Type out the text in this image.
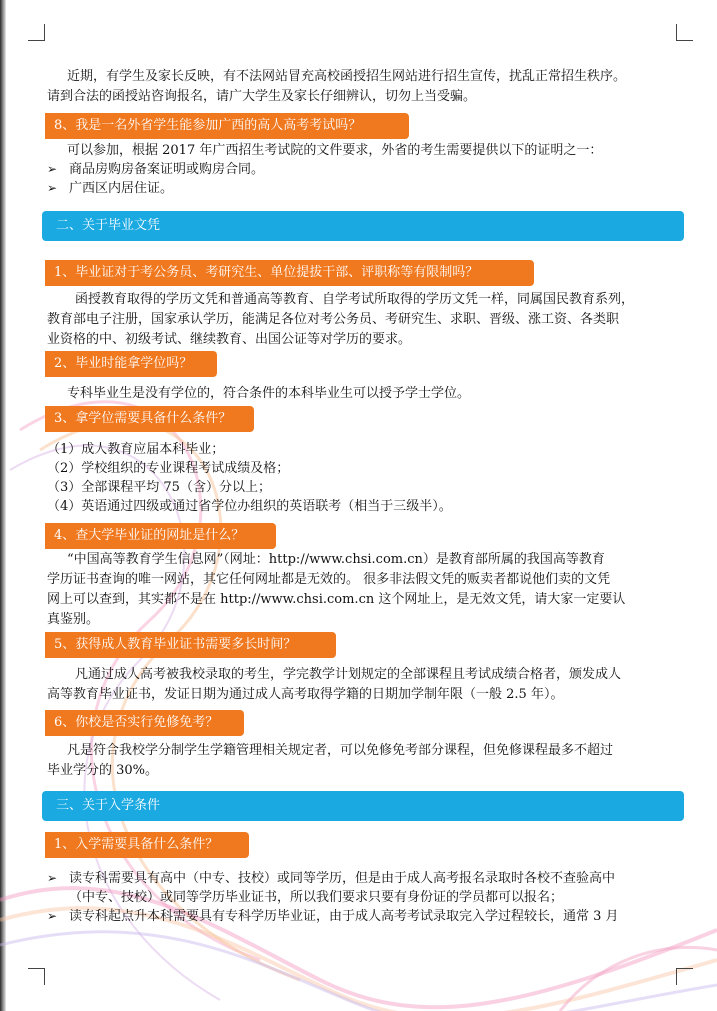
近期，有学生及家长反映，有不法网站冒充高校函授招生网站进行招生宣传，扰乱正常招生秩序。
请到合法的函授站咨询报名，请广大学生及家长仔细辨认，切勿上当受骗。
8、我是一名外省学生能参加广西的高人高考考试吗？
可以参加，根据 2017 年广西招生考试院的文件要求，外省的考生需要提供以下的证明之一：
➢ 商品房购房备案证明或购房合同。
➢ 广西区内居住证。
二、关于毕业文凭
1、毕业证对于考公务员、考研究生、单位提拔干部、评职称等有限制吗？
函授教育取得的学历文凭和普通高等教育、自学考试所取得的学历文凭一样，同属国民教育系列，
教育部电子注册，国家承认学历，能满足各位对考公务员、考研究生、求职、晋级、涨工资、各类职
业资格的中、初级考试、继续教育、出国公证等对学历的要求。
2、毕业时能拿学位吗？
专科毕业生是没有学位的，符合条件的本科毕业生可以授予学士学位。
3、拿学位需要具备什么条件？
（1）成人教育应届本科毕业；
（2）学校组织的专业课程考试成绩及格；
（3）全部课程平均 75（含）分以上；
（4）英语通过四级或通过省学位办组织的英语联考（相当于三级半）。
4、查大学毕业证的网址是什么？
“中国高等教育学生信息网”（网址：http://www.chsi.com.cn）是教育部所属的我国高等教育
学历证书查询的唯一网站，其它任何网址都是无效的。 很多非法假文凭的贩卖者都说他们卖的文凭
网上可以查到，其实都不是在 http://www.chsi.com.cn 这个网址上，是无效文凭，请大家一定要认
真鉴别。
5、获得成人教育毕业证书需要多长时间？
凡通过成人高考被我校录取的考生，学完教学计划规定的全部课程且考试成绩合格者，颁发成人
高等教育毕业证书，发证日期为通过成人高考取得学籍的日期加学制年限（一般 2.5 年）。
6、你校是否实行免修免考？
凡是符合我校学分制学生学籍管理相关规定者，可以免修免考部分课程，但免修课程最多不超过
毕业学分的 30%。
三、关于入学条件
1、入学需要具备什么条件？
➢ 读专科需要具有高中（中专、技校）或同等学历，但是由于成人高考报名录取时各校不查验高中
（中专、技校）或同等学历毕业证书，所以我们要求只要有身份证的学员都可以报名；
➢ 读专科起点升本科需要具有专科学历毕业证，由于成人高考考试录取完入学过程较长，通常 3 月
